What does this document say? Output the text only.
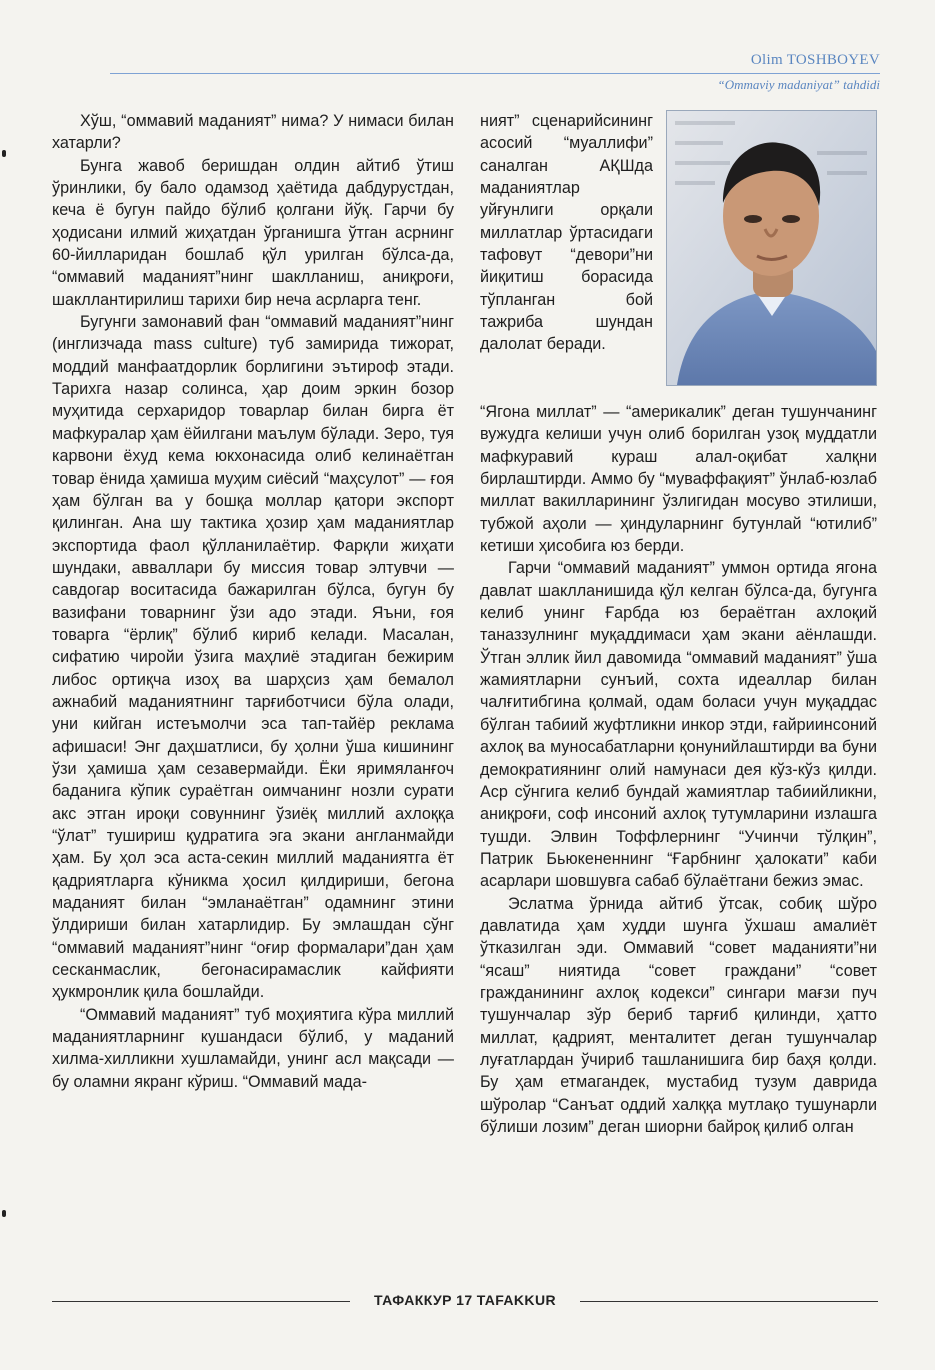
Olim TOSHBOYEV
“Ommaviy madaniyat” tahdidi

Хўш, “оммавий маданият” нима? У нимаси билан хатарли?

Бунга жавоб беришдан олдин айтиб ўтиш ўринлики, бу бало одамзод ҳаётида дабдурустдан, кеча ё бугун пайдо бўлиб қолгани йўқ. Гарчи бу ҳодисани илмий жиҳатдан ўрганишга ўтган асрнинг 60-йилларидан бошлаб қўл урилган бўлса-да, “оммавий маданият”нинг шаклланиш, аниқроғи, шакллантирилиш тарихи бир неча асрларга тенг.

Бугунги замонавий фан “оммавий маданият”нинг (инглизчада mass culture) туб замирида тижорат, моддий манфаатдорлик борлигини эътироф этади. Тарихга назар солинса, ҳар доим эркин бозор муҳитида серхаридор товарлар билан бирга ёт мафкуралар ҳам ёйилгани маълум бўлади. Зеро, туя карвони ёхуд кема юкхонасида олиб келинаётган товар ёнида ҳамиша муҳим сиёсий “маҳсулот” — ғоя ҳам бўлган ва у бошқа моллар қатори экспорт қилинган. Ана шу тактика ҳозир ҳам маданиятлар экспортида фаол қўлланилаётир. Фарқли жиҳати шундаки, авваллари бу миссия товар элтувчи — савдогар воситасида бажарилган бўлса, бугун бу вазифани товарнинг ўзи адо этади. Яъни, ғоя товарга “ёрлиқ” бўлиб кириб келади. Масалан, сифатию чиройи ўзига маҳлиё этадиган бежирим либос ортиқча изоҳ ва шарҳсиз ҳам бемалол ажнабий маданиятнинг тарғиботчиси бўла олади, уни кийган истеъмолчи эса тап-тайёр реклама афишаси! Энг даҳшатлиси, бу ҳолни ўша кишининг ўзи ҳамиша ҳам сезавермайди. Ёки яримяланғоч баданига кўпик сураётган оимчанинг нозли сурати акс этган ироқи совуннинг ўзиёқ миллий ахлоққа “ўлат” тушириш қудратига эга экани англанмайди ҳам. Бу ҳол эса аста-секин миллий маданиятга ёт қадриятларга кўникма ҳосил қилдириши, бегона маданият билан “эмланаётган” одамнинг этини ўлдириши билан хатарлидир. Бу эмлашдан сўнг “оммавий маданият”нинг “оғир формалари”дан ҳам сесканмаслик, бегонасирамаслик кайфияти ҳукмронлик қила бошлайди.

“Оммавий маданият” туб моҳиятига кўра миллий маданиятларнинг кушандаси бўлиб, у маданий хилма-хилликни хушламайди, унинг асл мақсади — бу оламни якранг кўриш. “Оммавий мада-

ният” сценарийсининг асосий “муаллифи” саналган АҚШда маданиятлар уйғунлиги орқали миллатлар ўртасидаги тафовут “девори”ни йиқитиш борасида тўпланган бой тажриба шундан далолат беради.

“Ягона миллат” — “америкалик” деган тушунчанинг вужудга келиши учун олиб борилган узоқ муддатли мафкуравий кураш алал-оқибат халқни бирлаштирди. Аммо бу “муваффақият” ўнлаб-юзлаб миллат вакилларининг ўзлигидан мосуво этилиши, тубжой аҳоли — ҳиндуларнинг бутунлай “ютилиб” кетиши ҳисобига юз берди.

Гарчи “оммавий маданият” уммон ортида ягона давлат шаклланишида қўл келган бўлса-да, бугунга келиб унинг Ғарбда юз бераётган ахлоқий таназзулнинг муқаддимаси ҳам экани аёнлашди. Ўтган эллик йил давомида “оммавий маданият” ўша жамиятларни сунъий, сохта идеаллар билан чалғитибгина қолмай, одам боласи учун муқаддас бўлган табиий жуфтликни инкор этди, ғайриинсоний ахлоқ ва муносабатларни қонунийлаштирди ва буни демократиянинг олий намунаси дея кўз-кўз қилди. Аср сўнгига келиб бундай жамиятлар табиийликни, аниқроғи, соф инсоний ахлоқ тутумларини излашга тушди. Элвин Тоффлернинг “Учинчи тўлқин”, Патрик Бьюкененнинг “Ғарбнинг ҳалокати” каби асарлари шовшувга сабаб бўлаётгани бежиз эмас.

Эслатма ўрнида айтиб ўтсак, собиқ шўро давлатида ҳам худди шунга ўхшаш амалиёт ўтказилган эди. Оммавий “совет маданияти”ни “ясаш” ниятида “совет граждани” “совет гражданининг ахлоқ кодекси” сингари мағзи пуч тушунчалар зўр бериб тарғиб қилинди, ҳатто миллат, қадрият, менталитет деган тушунчалар луғатлардан ўчириб ташланишига бир баҳя қолди. Бу ҳам етмагандек, мустабид тузум даврида шўролар “Санъат оддий халққа мутлақо тушунарли бўлиши лозим” деган шиорни байроқ қилиб олган

ТАФАККУР 17 TAFAKKUR
